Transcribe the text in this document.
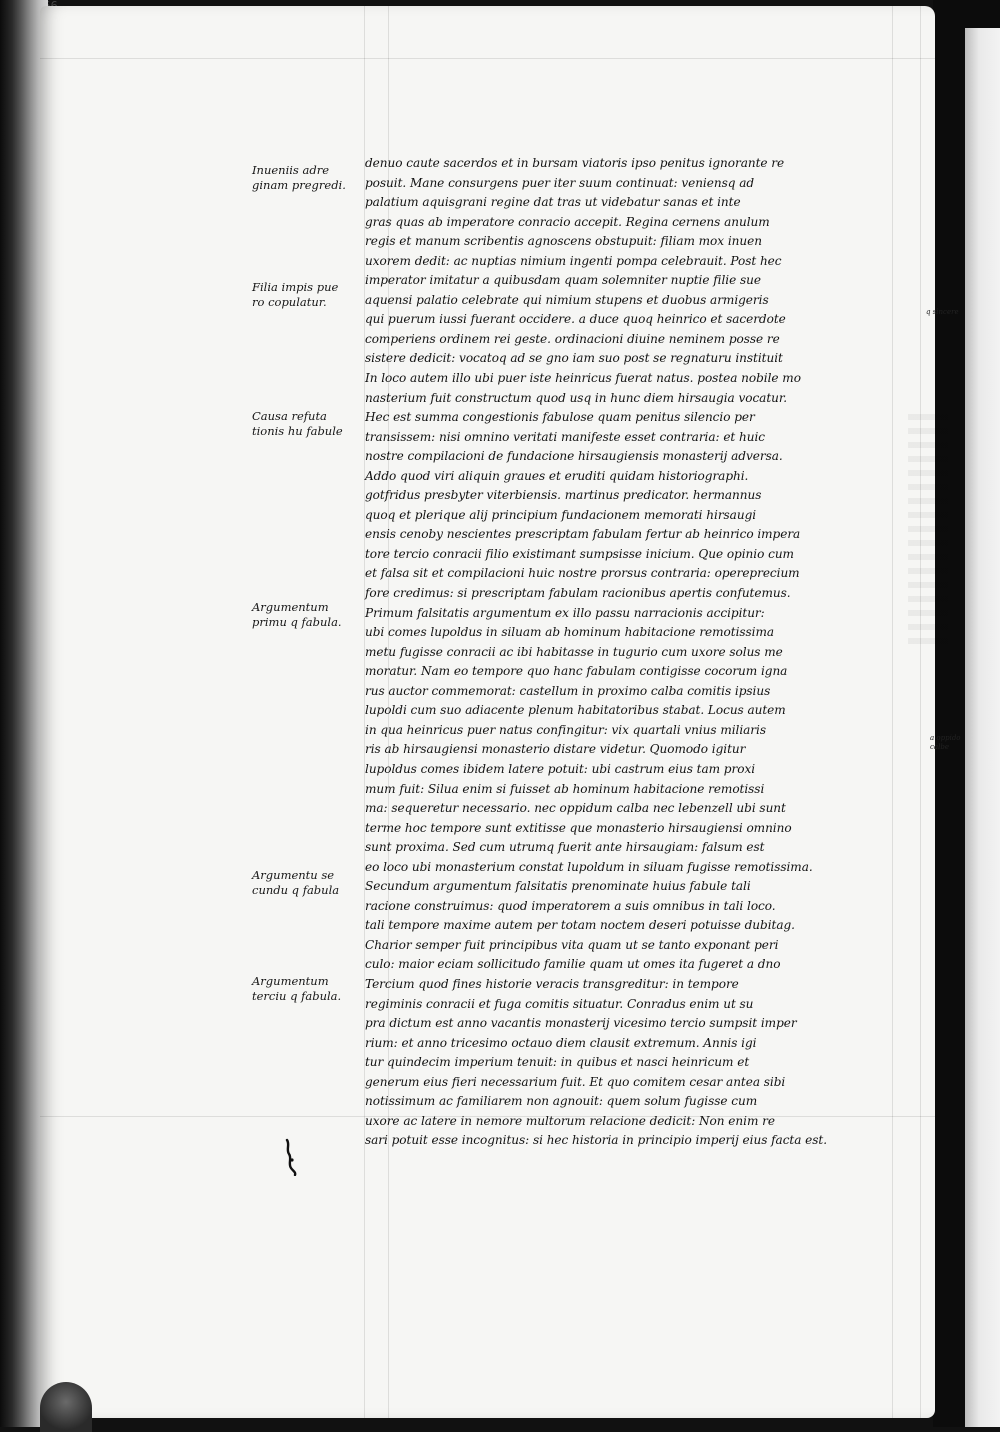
Inueniis adre
ginam pregredi.
Filia impis pue
ro copulatur.
Causa refuta
tionis hu fabule
Argumentum
primu q fabula.
Argumentu se
cundu q fabula
Argumentum
terciu q fabula.
q sincere
a oppido
calbe
denuo caute sacerdos et in bursam viatoris ipso penitus ignorante re
posuit. Mane consurgens puer iter suum continuat: veniensq ad
palatium aquisgrani regine dat tras ut videbatur sanas et inte
gras quas ab imperatore conracio accepit. Regina cernens anulum
regis et manum scribentis agnoscens obstupuit: filiam mox inuen
uxorem dedit: ac nuptias nimium ingenti pompa celebrauit. Post hec
imperator imitatur a quibusdam quam solemniter nuptie filie sue
aquensi palatio celebrate qui nimium stupens et duobus armigeris
qui puerum iussi fuerant occidere. a duce quoq heinrico et sacerdote
comperiens ordinem rei geste. ordinacioni diuine neminem posse re
sistere dedicit: vocatoq ad se gno iam suo post se regnaturu instituit
In loco autem illo ubi puer iste heinricus fuerat natus. postea nobile mo
nasterium fuit constructum quod usq in hunc diem hirsaugia vocatur.
Hec est summa congestionis fabulose quam penitus silencio per
transissem: nisi omnino veritati manifeste esset contraria: et huic
nostre compilacioni de fundacione hirsaugiensis monasterij adversa.
Addo quod viri aliquin graues et eruditi quidam historiographi.
gotfridus presbyter viterbiensis. martinus predicator. hermannus
quoq et plerique alij principium fundacionem memorati hirsaugi
ensis cenoby nescientes prescriptam fabulam fertur ab heinrico impera
tore tercio conracii filio existimant sumpsisse inicium. Que opinio cum
et falsa sit et compilacioni huic nostre prorsus contraria: opereprecium
fore credimus: si prescriptam fabulam racionibus apertis confutemus.
Primum falsitatis argumentum ex illo passu narracionis accipitur:
ubi comes lupoldus in siluam ab hominum habitacione remotissima
metu fugisse conracii ac ibi habitasse in tugurio cum uxore solus me
moratur. Nam eo tempore quo hanc fabulam contigisse cocorum igna
rus auctor commemorat: castellum in proximo calba comitis ipsius
lupoldi cum suo adiacente plenum habitatoribus stabat. Locus autem
in qua heinricus puer natus confingitur: vix quartali vnius miliaris
ris ab hirsaugiensi monasterio distare videtur. Quomodo igitur
lupoldus comes ibidem latere potuit: ubi castrum eius tam proxi
mum fuit: Silua enim si fuisset ab hominum habitacione remotissi
ma: sequeretur necessario. nec oppidum calba nec lebenzell ubi sunt
terme hoc tempore sunt extitisse que monasterio hirsaugiensi omnino
sunt proxima. Sed cum utrumq fuerit ante hirsaugiam: falsum est
eo loco ubi monasterium constat lupoldum in siluam fugisse remotissima.
Secundum argumentum falsitatis prenominate huius fabule tali
racione construimus: quod imperatorem a suis omnibus in tali loco.
tali tempore maxime autem per totam noctem deseri potuisse dubitag.
Charior semper fuit principibus vita quam ut se tanto exponant peri
culo: maior eciam sollicitudo familie quam ut omes ita fugeret a dno
Tercium quod fines historie veracis transgreditur: in tempore
regiminis conracii et fuga comitis situatur. Conradus enim ut su
pra dictum est anno vacantis monasterij vicesimo tercio sumpsit imper
rium: et anno tricesimo octauo diem clausit extremum. Annis igi
tur quindecim imperium tenuit: in quibus et nasci heinricum et
generum eius fieri necessarium fuit. Et quo comitem cesar antea sibi
notissimum ac familiarem non agnouit: quem solum fugisse cum
uxore ac latere in nemore multorum relacione dedicit: Non enim re
sari potuit esse incognitus: si hec historia in principio imperij eius facta est.
